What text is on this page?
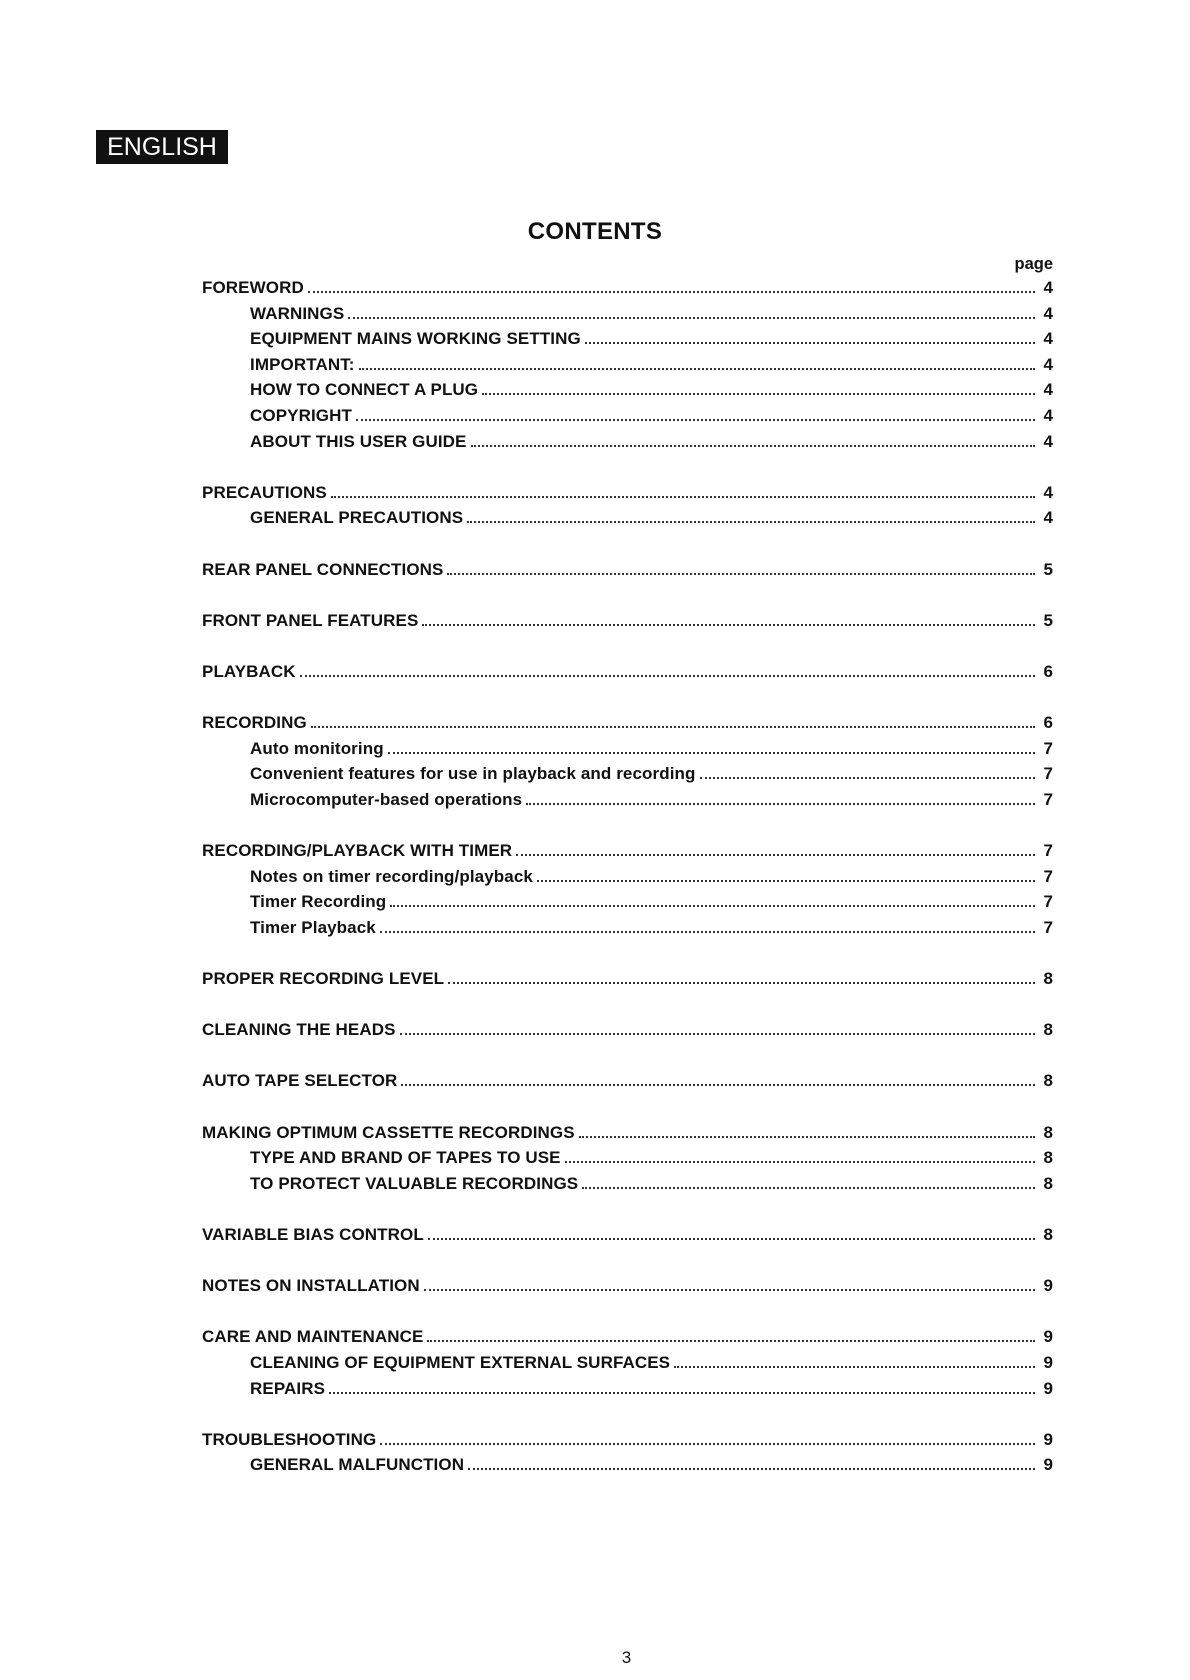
ENGLISH
CONTENTS
page
FOREWORD	4
WARNINGS	4
EQUIPMENT MAINS WORKING SETTING	4
IMPORTANT:	4
HOW TO CONNECT A PLUG	4
COPYRIGHT	4
ABOUT THIS USER GUIDE	4
PRECAUTIONS	4
GENERAL PRECAUTIONS	4
REAR PANEL CONNECTIONS	5
FRONT PANEL FEATURES	5
PLAYBACK	6
RECORDING	6
Auto monitoring	7
Convenient features for use in playback and recording	7
Microcomputer-based operations	7
RECORDING/PLAYBACK WITH TIMER	7
Notes on timer recording/playback	7
Timer Recording	7
Timer Playback	7
PROPER RECORDING LEVEL	8
CLEANING THE HEADS	8
AUTO TAPE SELECTOR	8
MAKING OPTIMUM CASSETTE RECORDINGS	8
TYPE AND BRAND OF TAPES TO USE	8
TO PROTECT VALUABLE RECORDINGS	8
VARIABLE BIAS CONTROL	8
NOTES ON INSTALLATION	9
CARE AND MAINTENANCE	9
CLEANING OF EQUIPMENT EXTERNAL SURFACES	9
REPAIRS	9
TROUBLESHOOTING	9
GENERAL MALFUNCTION	9
3
